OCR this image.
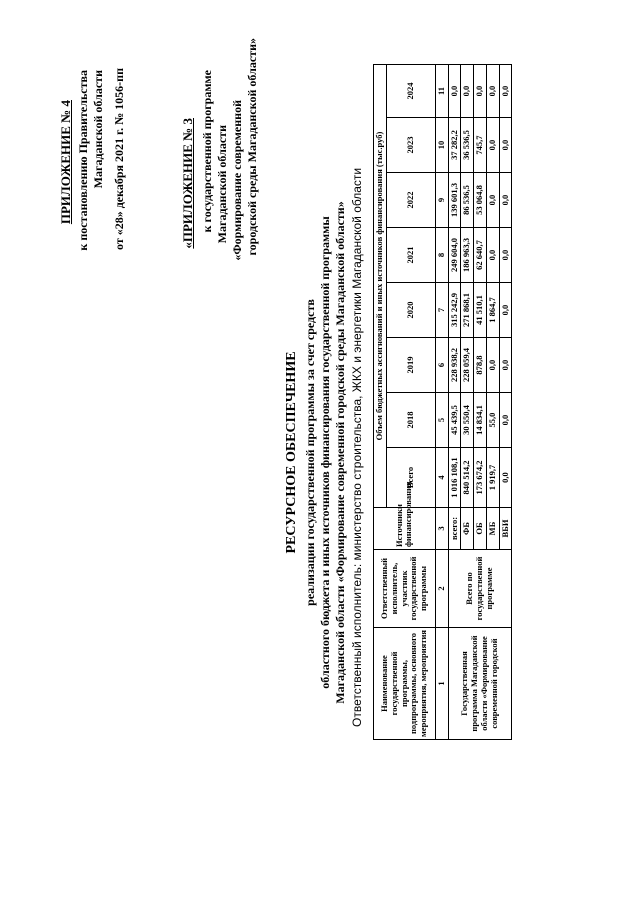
ПРИЛОЖЕНИЕ № 4 к постановлению Правительства Магаданской области от «28» декабря 2021 г. № 1056-пп	«ПРИЛОЖЕНИЕ № 3 к государственной программе Магаданской области «Формирование современной городской среды Магаданской области»
РЕСУРСНОЕ ОБЕСПЕЧЕНИЕ реализации государственной программы за счет средств областного бюджета и иных источников финансирования государственной программы Магаданской области «Формирование современной городской среды Магаданской области» Ответственный исполнитель: министерство строительства, ЖКХ и энергетики Магаданской области Наименование государственной программы, подпрограммы, основного мероприятия, мероприятия	Ответственный исполнитель, участник государственной программы	Источники финансирования	Объем бюджетных ассигнований и иных источников финансирования (тыс.руб)							
			Всего	2018	2019	2020	2021	2022	2023	2024
1	2	3	4	5	6	7	8	9	10	11
Государственная программа Магаданской области «Формирование современной городской	Всего по государственной программе	всего:	1 016 108,1	45 439,5	228 938,2	315 242,9	249 604,0	139 601,3	37 282,2	0,0
		ФБ	840 514,2	30 550,4	228 059,4	271 868,1	186 963,3	86 536,5	36 536,5	0,0
		ОБ	173 674,2	14 834,1	878,8	41 510,1	62 640,7	53 064,8	745,7	0,0
		МБ	1 919,7	55,0	0,0	1 864,7	0,0	0,0	0,0	0,0
		ВБИ	0,0	0,0	0,0	0,0	0,0	0,0	0,0	0,0
